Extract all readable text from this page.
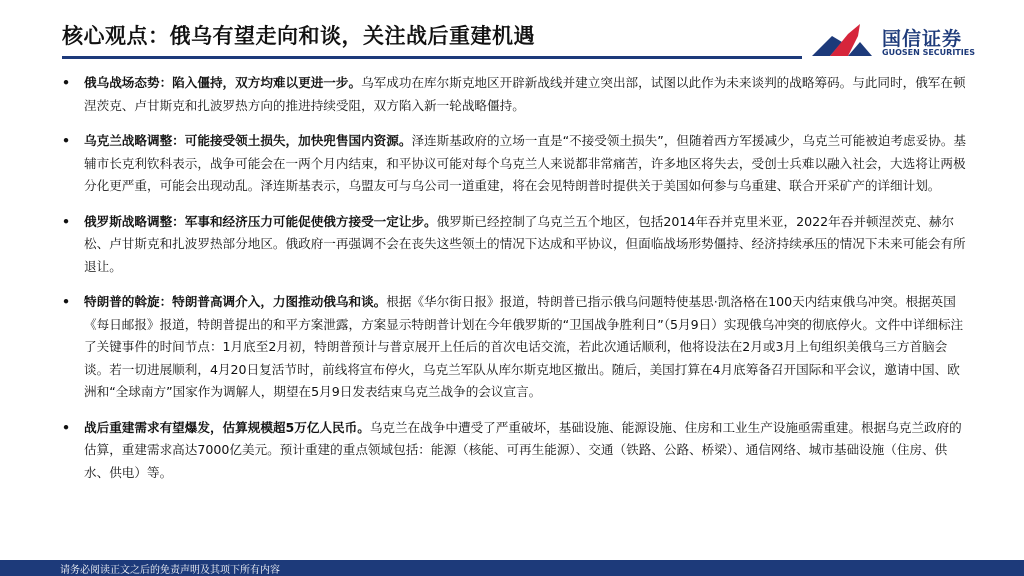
核心观点：俄乌有望走向和谈，关注战后重建机遇	国信证券
GUOSEN SECURITIES
• 俄乌战场态势：陷入僵持，双方均难以更进一步。乌军成功在库尔斯克地区开辟新战线并建立突出部，试图以此作为未来谈判的战略筹码。与此同时，俄军在顿涅茨克、卢甘斯克和扎波罗热方向的推进持续受阻，双方陷入新一轮战略僵持。
• 乌克兰战略调整：可能接受领土损失，加快兜售国内资源。泽连斯基政府的立场一直是“不接受领土损失”，但随着西方军援减少，乌克兰可能被迫考虑妥协。基辅市长克利钦科表示，战争可能会在一两个月内结束，和平协议可能对每个乌克兰人来说都非常痛苦，许多地区将失去，受创士兵难以融入社会，大选将让两极分化更严重，可能会出现动乱。泽连斯基表示，乌盟友可与乌公司一道重建，将在会见特朗普时提供关于美国如何参与乌重建、联合开采矿产的详细计划。
• 俄罗斯战略调整：军事和经济压力可能促使俄方接受一定让步。俄罗斯已经控制了乌克兰五个地区，包括2014年吞并克里米亚，2022年吞并顿涅茨克、赫尔松、卢甘斯克和扎波罗热部分地区。俄政府一再强调不会在丧失这些领土的情况下达成和平协议，但面临战场形势僵持、经济持续承压的情况下未来可能会有所退让。
• 特朗普的斡旋：特朗普高调介入，力图推动俄乌和谈。根据《华尔街日报》报道，特朗普已指示俄乌问题特使基思·凯洛格在100天内结束俄乌冲突。根据英国《每日邮报》报道，特朗普提出的和平方案泄露，方案显示特朗普计划在今年俄罗斯的“卫国战争胜利日”（5月9日）实现俄乌冲突的彻底停火。文件中详细标注了关键事件的时间节点：1月底至2月初，特朗普预计与普京展开上任后的首次电话交流，若此次通话顺利，他将设法在2月或3月上旬组织美俄乌三方首脑会谈。若一切进展顺利，4月20日复活节时，前线将宣布停火，乌克兰军队从库尔斯克地区撤出。随后，美国打算在4月底筹备召开国际和平会议，邀请中国、欧洲和“全球南方”国家作为调解人，期望在5月9日发表结束乌克兰战争的会议宣言。
• 战后重建需求有望爆发，估算规模超5万亿人民币。乌克兰在战争中遭受了严重破坏，基础设施、能源设施、住房和工业生产设施亟需重建。根据乌克兰政府的估算，重建需求高达7000亿美元。预计重建的重点领域包括：能源（核能、可再生能源）、交通（铁路、公路、桥梁）、通信网络、城市基础设施（住房、供水、供电）等。
请务必阅读正文之后的免责声明及其项下所有内容
